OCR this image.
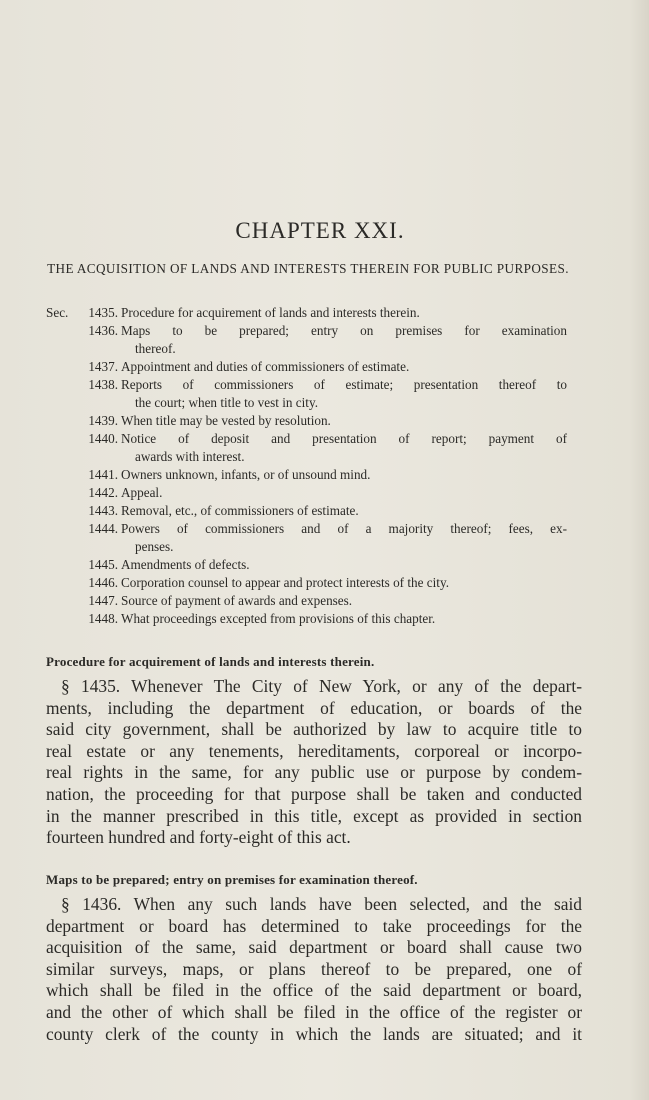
CHAPTER XXI.
THE ACQUISITION OF LANDS AND INTERESTS THEREIN FOR PUBLIC PURPOSES.
Sec.	1435. Procedure for acquirement of lands and interests therein.
1436. Maps to be prepared; entry on premises for examination
thereof.
1437. Appointment and duties of commissioners of estimate.
1438. Reports of commissioners of estimate; presentation thereof to
the court; when title to vest in city.
1439. When title may be vested by resolution.
1440. Notice of deposit and presentation of report; payment of
awards with interest.
1441. Owners unknown, infants, or of unsound mind.
1442. Appeal.
1443. Removal, etc., of commissioners of estimate.
1444. Powers of commissioners and of a majority thereof; fees, ex-
penses.
1445. Amendments of defects.
1446. Corporation counsel to appear and protect interests of the city.
1447. Source of payment of awards and expenses.
1448. What proceedings excepted from provisions of this chapter.
Procedure for acquirement of lands and interests therein.
§ 1435. Whenever The City of New York, or any of the depart-
ments, including the department of education, or boards of the
said city government, shall be authorized by law to acquire title to
real estate or any tenements, hereditaments, corporeal or incorpo-
real rights in the same, for any public use or purpose by condem-
nation, the proceeding for that purpose shall be taken and conducted
in the manner prescribed in this title, except as provided in section
fourteen hundred and forty-eight of this act.
Maps to be prepared; entry on premises for examination thereof.
§ 1436. When any such lands have been selected, and the said
department or board has determined to take proceedings for the
acquisition of the same, said department or board shall cause two
similar surveys, maps, or plans thereof to be prepared, one of
which shall be filed in the office of the said department or board,
and the other of which shall be filed in the office of the register or
county clerk of the county in which the lands are situated; and it
